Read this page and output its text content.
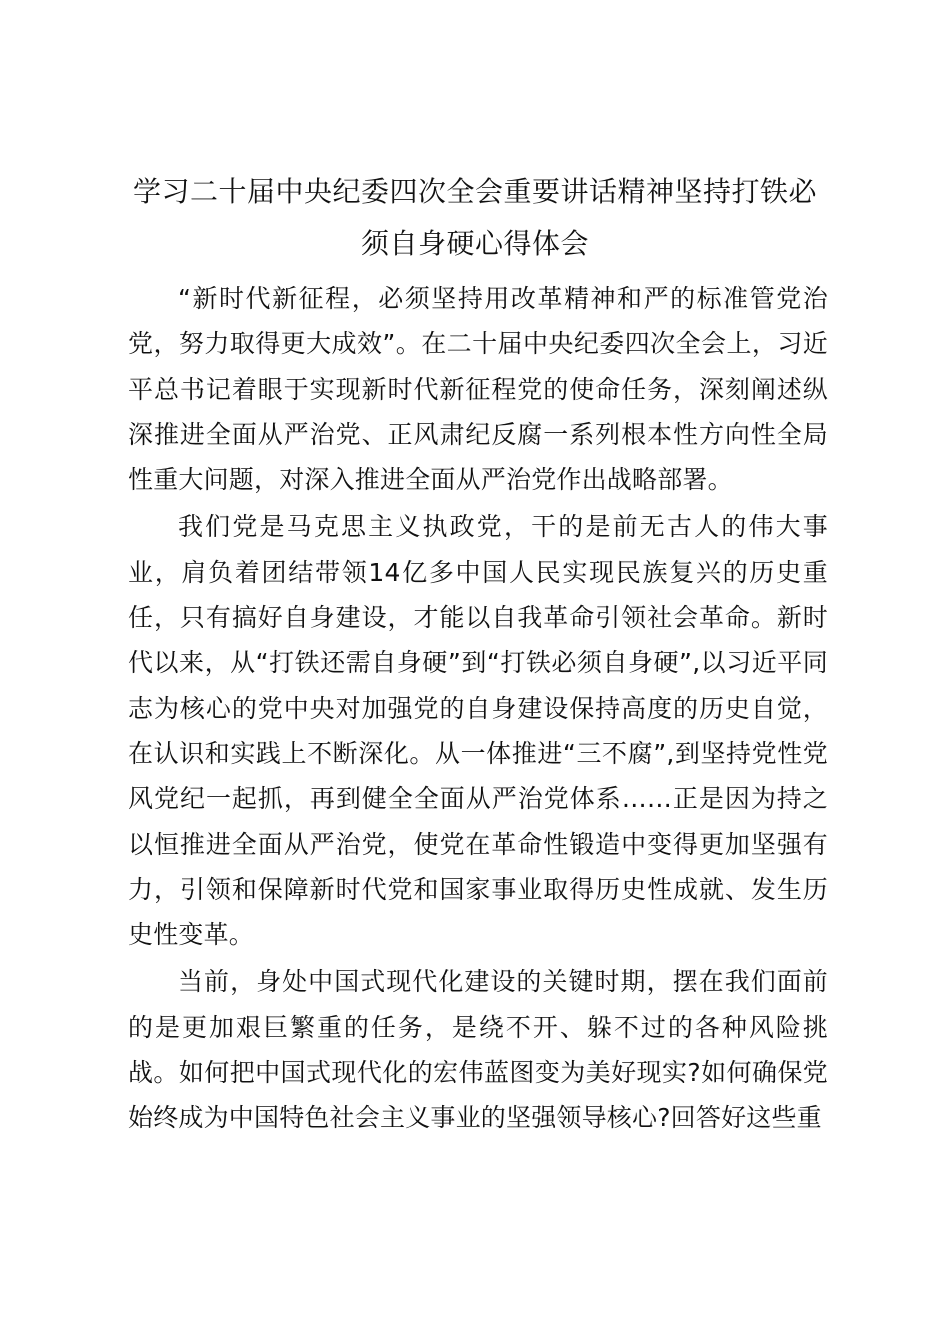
学习二十届中央纪委四次全会重要讲话精神坚持打铁必须自身硬心得体会

“新时代新征程，必须坚持用改革精神和严的标准管党治党，努力取得更大成效”。在二十届中央纪委四次全会上，习近平总书记着眼于实现新时代新征程党的使命任务，深刻阐述纵深推进全面从严治党、正风肃纪反腐一系列根本性方向性全局性重大问题，对深入推进全面从严治党作出战略部署。

我们党是马克思主义执政党，干的是前无古人的伟大事业，肩负着团结带领14亿多中国人民实现民族复兴的历史重任，只有搞好自身建设，才能以自我革命引领社会革命。新时代以来，从“打铁还需自身硬”到“打铁必须自身硬”,以习近平同志为核心的党中央对加强党的自身建设保持高度的历史自觉，在认识和实践上不断深化。从一体推进“三不腐”,到坚持党性党风党纪一起抓，再到健全全面从严治党体系……正是因为持之以恒推进全面从严治党，使党在革命性锻造中变得更加坚强有力，引领和保障新时代党和国家事业取得历史性成就、发生历史性变革。

当前，身处中国式现代化建设的关键时期，摆在我们面前的是更加艰巨繁重的任务，是绕不开、躲不过的各种风险挑战。如何把中国式现代化的宏伟蓝图变为美好现实?如何确保党始终成为中国特色社会主义事业的坚强领导核心?回答好这些重
